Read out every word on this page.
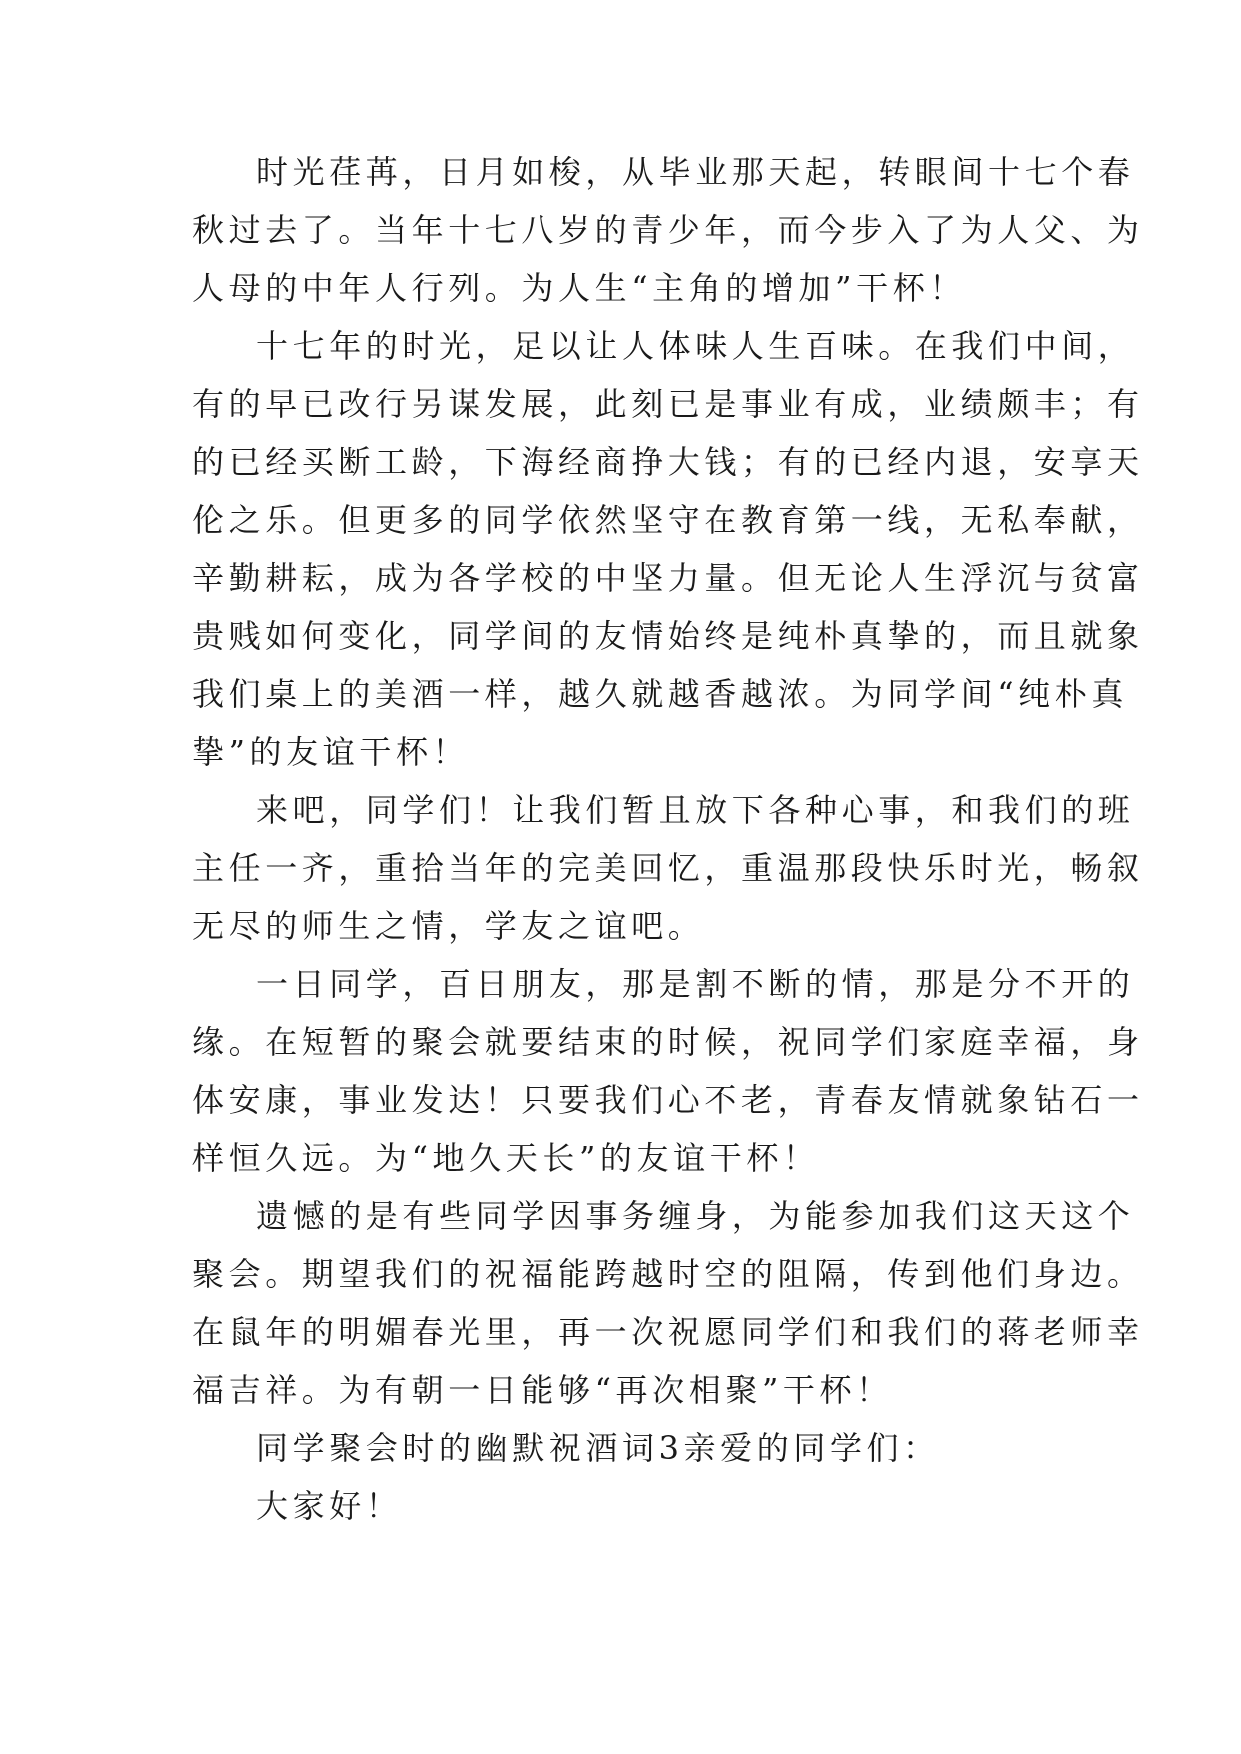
时光荏苒，日月如梭，从毕业那天起，转眼间十七个春

秋过去了。当年十七八岁的青少年，而今步入了为人父、为

人母的中年人行列。为人生“主角的增加”干杯！

十七年的时光，足以让人体味人生百味。在我们中间，

有的早已改行另谋发展，此刻已是事业有成，业绩颇丰；有

的已经买断工龄，下海经商挣大钱；有的已经内退，安享天

伦之乐。但更多的同学依然坚守在教育第一线，无私奉献，

辛勤耕耘，成为各学校的中坚力量。但无论人生浮沉与贫富

贵贱如何变化，同学间的友情始终是纯朴真挚的，而且就象

我们桌上的美酒一样，越久就越香越浓。为同学间“纯朴真

挚”的友谊干杯！

来吧，同学们！让我们暂且放下各种心事，和我们的班

主任一齐，重拾当年的完美回忆，重温那段快乐时光，畅叙

无尽的师生之情，学友之谊吧。

一日同学，百日朋友，那是割不断的情，那是分不开的

缘。在短暂的聚会就要结束的时候，祝同学们家庭幸福，身

体安康，事业发达！只要我们心不老，青春友情就象钻石一

样恒久远。为“地久天长”的友谊干杯！

遗憾的是有些同学因事务缠身，为能参加我们这天这个

聚会。期望我们的祝福能跨越时空的阻隔，传到他们身边。

在鼠年的明媚春光里，再一次祝愿同学们和我们的蒋老师幸

福吉祥。为有朝一日能够“再次相聚”干杯！

同学聚会时的幽默祝酒词3亲爱的同学们：

大家好！
